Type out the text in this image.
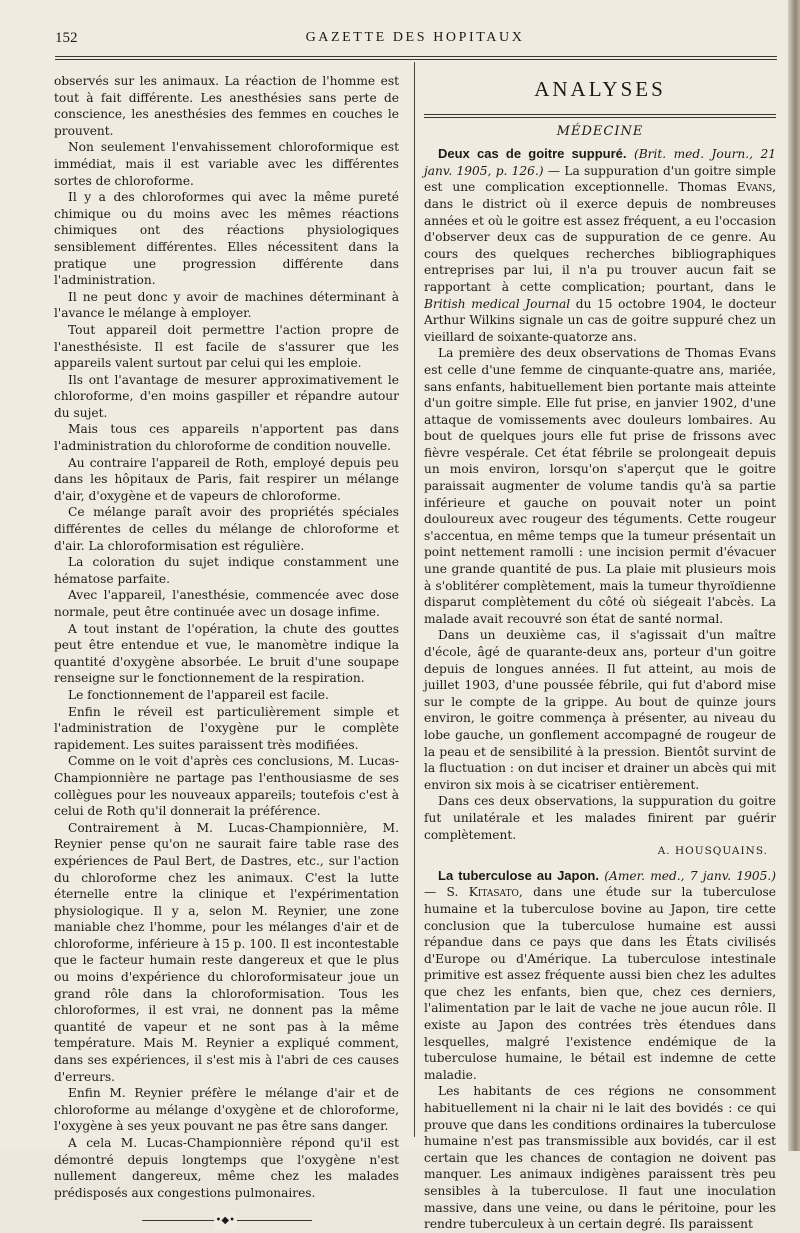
152	GAZETTE DES HOPITAUX

observés sur les animaux. La réaction de l'homme est tout à fait différente. Les anesthésies sans perte de conscience, les anesthésies des femmes en couches le prouvent.

Non seulement l'envahissement chloroformique est immédiat, mais il est variable avec les différentes sortes de chloroforme.

Il y a des chloroformes qui avec la même pureté chimique ou du moins avec les mêmes réactions chimiques ont des réactions physiologiques sensiblement différentes. Elles nécessitent dans la pratique une progression différente dans l'administration.

Il ne peut donc y avoir de machines déterminant à l'avance le mélange à employer.

Tout appareil doit permettre l'action propre de l'anesthésiste. Il est facile de s'assurer que les appareils valent surtout par celui qui les emploie.

Ils ont l'avantage de mesurer approximativement le chloroforme, d'en moins gaspiller et répandre autour du sujet.

Mais tous ces appareils n'apportent pas dans l'administration du chloroforme de condition nouvelle.

Au contraire l'appareil de Roth, employé depuis peu dans les hôpitaux de Paris, fait respirer un mélange d'air, d'oxygène et de vapeurs de chloroforme.

Ce mélange paraît avoir des propriétés spéciales différentes de celles du mélange de chloroforme et d'air. La chloroformisation est régulière.

La coloration du sujet indique constamment une hématose parfaite.

Avec l'appareil, l'anesthésie, commencée avec dose normale, peut être continuée avec un dosage infime.

A tout instant de l'opération, la chute des gouttes peut être entendue et vue, le manomètre indique la quantité d'oxygène absorbée. Le bruit d'une soupape renseigne sur le fonctionnement de la respiration.

Le fonctionnement de l'appareil est facile.

Enfin le réveil est particulièrement simple et l'administration de l'oxygène pur le complète rapidement. Les suites paraissent très modifiées.

Comme on le voit d'après ces conclusions, M. Lucas-Championnière ne partage pas l'enthousiasme de ses collègues pour les nouveaux appareils; toutefois c'est à celui de Roth qu'il donnerait la préférence.

Contrairement à M. Lucas-Championnière, M. Reynier pense qu'on ne saurait faire table rase des expériences de Paul Bert, de Dastres, etc., sur l'action du chloroforme chez les animaux. C'est la lutte éternelle entre la clinique et l'expérimentation physiologique. Il y a, selon M. Reynier, une zone maniable chez l'homme, pour les mélanges d'air et de chloroforme, inférieure à 15 p. 100. Il est incontestable que le facteur humain reste dangereux et que le plus ou moins d'expérience du chloroformisateur joue un grand rôle dans la chloroformisation. Tous les chloroformes, il est vrai, ne donnent pas la même quantité de vapeur et ne sont pas à la même température. Mais M. Reynier a expliqué comment, dans ses expériences, il s'est mis à l'abri de ces causes d'erreurs.

Enfin M. Reynier préfère le mélange d'air et de chloroforme au mélange d'oxygène et de chloroforme, l'oxygène à ses yeux pouvant ne pas être sans danger.

A cela M. Lucas-Championnière répond qu'il est démontré depuis longtemps que l'oxygène n'est nullement dangereux, même chez les malades prédisposés aux congestions pulmonaires.

•◆•
ANALYSES
MÉDECINE

Deux cas de goitre suppuré. (Brit. med. Journ., 21 janv. 1905, p. 126.) — La suppuration d'un goitre simple est une complication exceptionnelle. Thomas Evans, dans le district où il exerce depuis de nombreuses années et où le goitre est assez fréquent, a eu l'occasion d'observer deux cas de suppuration de ce genre. Au cours des quelques recherches bibliographiques entreprises par lui, il n'a pu trouver aucun fait se rapportant à cette complication; pourtant, dans le British medical Journal du 15 octobre 1904, le docteur Arthur Wilkins signale un cas de goitre suppuré chez un vieillard de soixante-quatorze ans.

La première des deux observations de Thomas Evans est celle d'une femme de cinquante-quatre ans, mariée, sans enfants, habituellement bien portante mais atteinte d'un goitre simple. Elle fut prise, en janvier 1902, d'une attaque de vomissements avec douleurs lombaires. Au bout de quelques jours elle fut prise de frissons avec fièvre vespérale. Cet état fébrile se prolongeait depuis un mois environ, lorsqu'on s'aperçut que le goitre paraissait augmenter de volume tandis qu'à sa partie inférieure et gauche on pouvait noter un point douloureux avec rougeur des téguments. Cette rougeur s'accentua, en même temps que la tumeur présentait un point nettement ramolli : une incision permit d'évacuer une grande quantité de pus. La plaie mit plusieurs mois à s'oblitérer complètement, mais la tumeur thyroïdienne disparut complètement du côté où siégeait l'abcès. La malade avait recouvré son état de santé normal.

Dans un deuxième cas, il s'agissait d'un maître d'école, âgé de quarante-deux ans, porteur d'un goitre depuis de longues années. Il fut atteint, au mois de juillet 1903, d'une poussée fébrile, qui fut d'abord mise sur le compte de la grippe. Au bout de quinze jours environ, le goitre commença à présenter, au niveau du lobe gauche, un gonflement accompagné de rougeur de la peau et de sensibilité à la pression. Bientôt survint de la fluctuation : on dut inciser et drainer un abcès qui mit environ six mois à se cicatriser entièrement.

Dans ces deux observations, la suppuration du goitre fut unilatérale et les malades finirent par guérir complètement.

A. HOUSQUAINS.

La tuberculose au Japon. (Amer. med., 7 janv. 1905.) — S. Kitasato, dans une étude sur la tuberculose humaine et la tuberculose bovine au Japon, tire cette conclusion que la tuberculose humaine est aussi répandue dans ce pays que dans les États civilisés d'Europe ou d'Amérique. La tuberculose intestinale primitive est assez fréquente aussi bien chez les adultes que chez les enfants, bien que, chez ces derniers, l'alimentation par le lait de vache ne joue aucun rôle. Il existe au Japon des contrées très étendues dans lesquelles, malgré l'existence endémique de la tuberculose humaine, le bétail est indemne de cette maladie.

Les habitants de ces régions ne consomment habituellement ni la chair ni le lait des bovidés : ce qui prouve que dans les conditions ordinaires la tuberculose humaine n'est pas transmissible aux bovidés, car il est certain que les chances de contagion ne doivent pas manquer. Les animaux indigènes paraissent très peu sensibles à la tuberculose. Il faut une inoculation massive, dans une veine, ou dans le péritoine, pour les rendre tuberculeux à un certain degré. Ils paraissent
